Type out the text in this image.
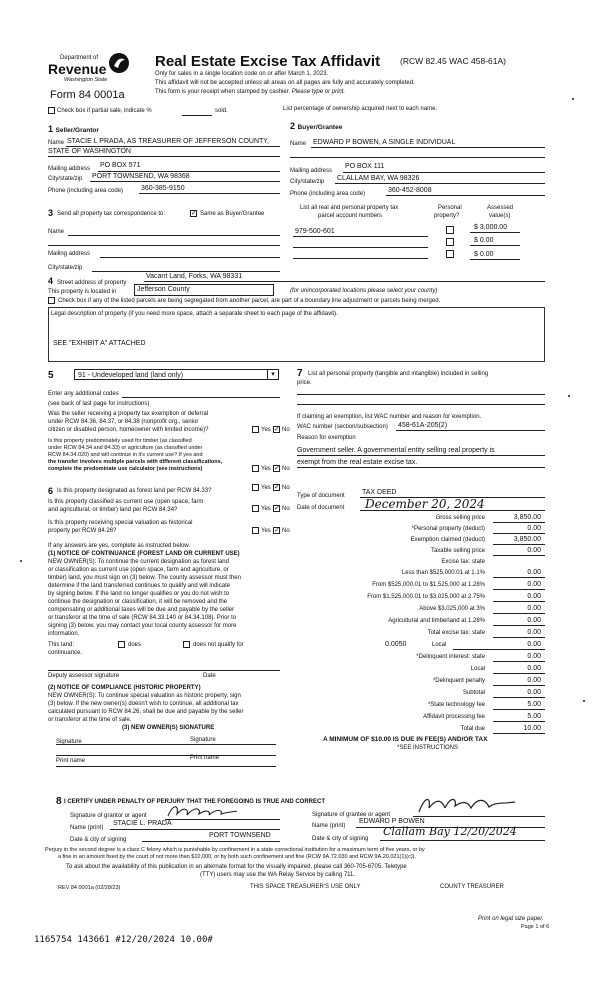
Department of
Revenue
Washington State
Form 84 0001a
Real Estate Excise Tax Affidavit (RCW 82.45 WAC 458-61A)
Only for sales in a single location code on or after March 1, 2023.
This affidavit will not be accepted unless all areas on all pages are fully and accurately completed.
This form is your receipt when stamped by cashier. Please type or print.
Check box if partial sale, indicate %	sold.	List percentage of ownership acquired next to each name.
1 Seller/Grantor
Name STACIE L PRADA, AS TREASURER OF JEFFERSON COUNTY,
STATE OF WASHINGTON
Mailing address PO BOX 571
City/state/zip PORT TOWNSEND, WA 98368
Phone (including area code)	360-385-9150
2 Buyer/Grantee
Name EDWARD P BOWEN, A SINGLE INDIVIDUAL
Mailing address
PO BOX 111
City/state/zip CLALLAM BAY, WA 98326
Phone (including area code)	360-452-8008
3 Send all property tax correspondence to:	✓ Same as Buyer/Grantee
Name
Mailing address
City/state/zip
List all real and personal property tax
parcel account numbers
Personal
property?
Assessed
value(s)
979-500-601
$ 3,000.00
$ 0.00
$ 0.00
4 Street address of property
Vacant Land, Forks, WA 98331
This property is located in	Jefferson County	(for unincorporated locations please select your county)
Check box if any of the listed parcels are being segregated from another parcel, are part of a boundary line adjustment or parcels being merged.
Legal description of property (if you need more space, attach a separate sheet to each page of the affidavit).
SEE "EXHIBIT A" ATTACHED
5	91 - Undeveloped land (land only)	▾
Enter any additional codes
(see back of last page for instructions)
Was the seller receiving a property tax exemption or deferral
under RCW 84.36, 84.37, or 84.38 (nonprofit org., senior
citizen or disabled person, homeowner with limited income)?	Yes ✓ No
Is this property predominately used for timber (as classified
under RCW 84.34 and 84.33) or agriculture (as classified under
RCW 84.34.020) and will continue in it's current use? If yes and
the transfer involves multiple parcels with different classifications,
complete the predominate use calculator (see instructions)	Yes ✓ No
6 Is this property designated as forest land per RCW 84.33?	Yes ✓ No
Is this property classified as current use (open space, farm
and agricultural, or timber) land per RCW 84.34?	Yes ✓ No
Is this property receiving special valuation as historical
property per RCW 84.26?	Yes ✓ No
If any answers are yes, complete as instructed below.
(1) NOTICE OF CONTINUANCE (FOREST LAND OR CURRENT USE)
NEW OWNER(S): To continue the current designation as forest land
or classification as current use (open space, farm and agriculture, or
timber) land, you must sign on (3) below. The county assessor must then
determine if the land transferred continues to qualify and will indicate
by signing below. If the land no longer qualifies or you do not wish to
continue the designation or classification, it will be removed and the
compensating or additional taxes will be due and payable by the seller
or transferor at the time of sale (RCW 84.33.140 or 84.34.108). Prior to
signing (3) below, you may contact your local county assessor for more
information.
This land:	does	does not qualify for
continuance.
Deputy assessor signature	Date
(2) NOTICE OF COMPLIANCE (HISTORIC PROPERTY)
NEW OWNER(S): To continue special valuation as historic property, sign
(3) below. If the new owner(s) doesn't wish to continue, all additional tax
calculated pursuant to RCW 84.26, shall be due and payable by the seller
or transferor at the time of sale.
(3) NEW OWNER(S) SIGNATURE
Signature	Signature
Print name	Print name
7 List all personal property (tangible and intangible) included in selling
price.
If claiming an exemption, list WAC number and reason for exemption.
WAC number (section/subsection) 458-61A-205(2)
Reason for exemption
Government seller. A governmental entity selling real property is
exempt from the real estate excise tax.
Type of document TAX DEED
Date of document December 20, 2024
Gross selling price	3,850.00
*Personal property (deduct)	0.00
Exemption claimed (deduct)	3,850.00
Taxable selling price	0.00
Excise tax: state
Less than $525,000.01 at 1.1%	0.00
From $525,000.01 to $1,525,000 at 1.28%	0.00
From $1,525,000.01 to $3,025,000 at 2.75%	0.00
Above $3,025,000 at 3%	0.00
Agricultural and timberland at 1.28%	0.00
Total excise tax: state	0.00
0.0050	Local	0.00
*Delinquent interest: state	0.00
Local	0.00
*Delinquent penalty	0.00
Subtotal	0.00
*State technology fee	5.00
Affidavit processing fee	5.00
Total due	10.00
A MINIMUM OF $10.00 IS DUE IN FEE(S) AND/OR TAX
*SEE INSTRUCTIONS
8 I CERTIFY UNDER PENALTY OF PERJURY THAT THE FOREGOING IS TRUE AND CORRECT
Signature of grantor or agent
Name (print)
STACIE L. PRADA
Date & city of signing
PORT TOWNSEND
Signature of grantee or agent
Name (print)
EDWARD P BOWEN
Date & city of signing
Clallam Bay 12/20/2024
Perjury in the second degree is a class C felony which is punishable by confinement in a state correctional institution for a maximum term of five years, or by
a fine in an amount fixed by the court of not more than $10,000, or by both such confinement and fine (RCW 9A.72.030 and RCW 9A.20.021(1)(c)).
To ask about the availability of this publication in an alternate format for the visually impaired, please call 360-705-6705. Teletype
(TTY) users may use the WA Relay Service by calling 711.
REV 84 0001a (02/28/23)	THIS SPACE TREASURER'S USE ONLY	COUNTY TREASURER
Print on legal size paper.
Page 1 of 6
1165754 143661 #12/20/2024 10.00#
